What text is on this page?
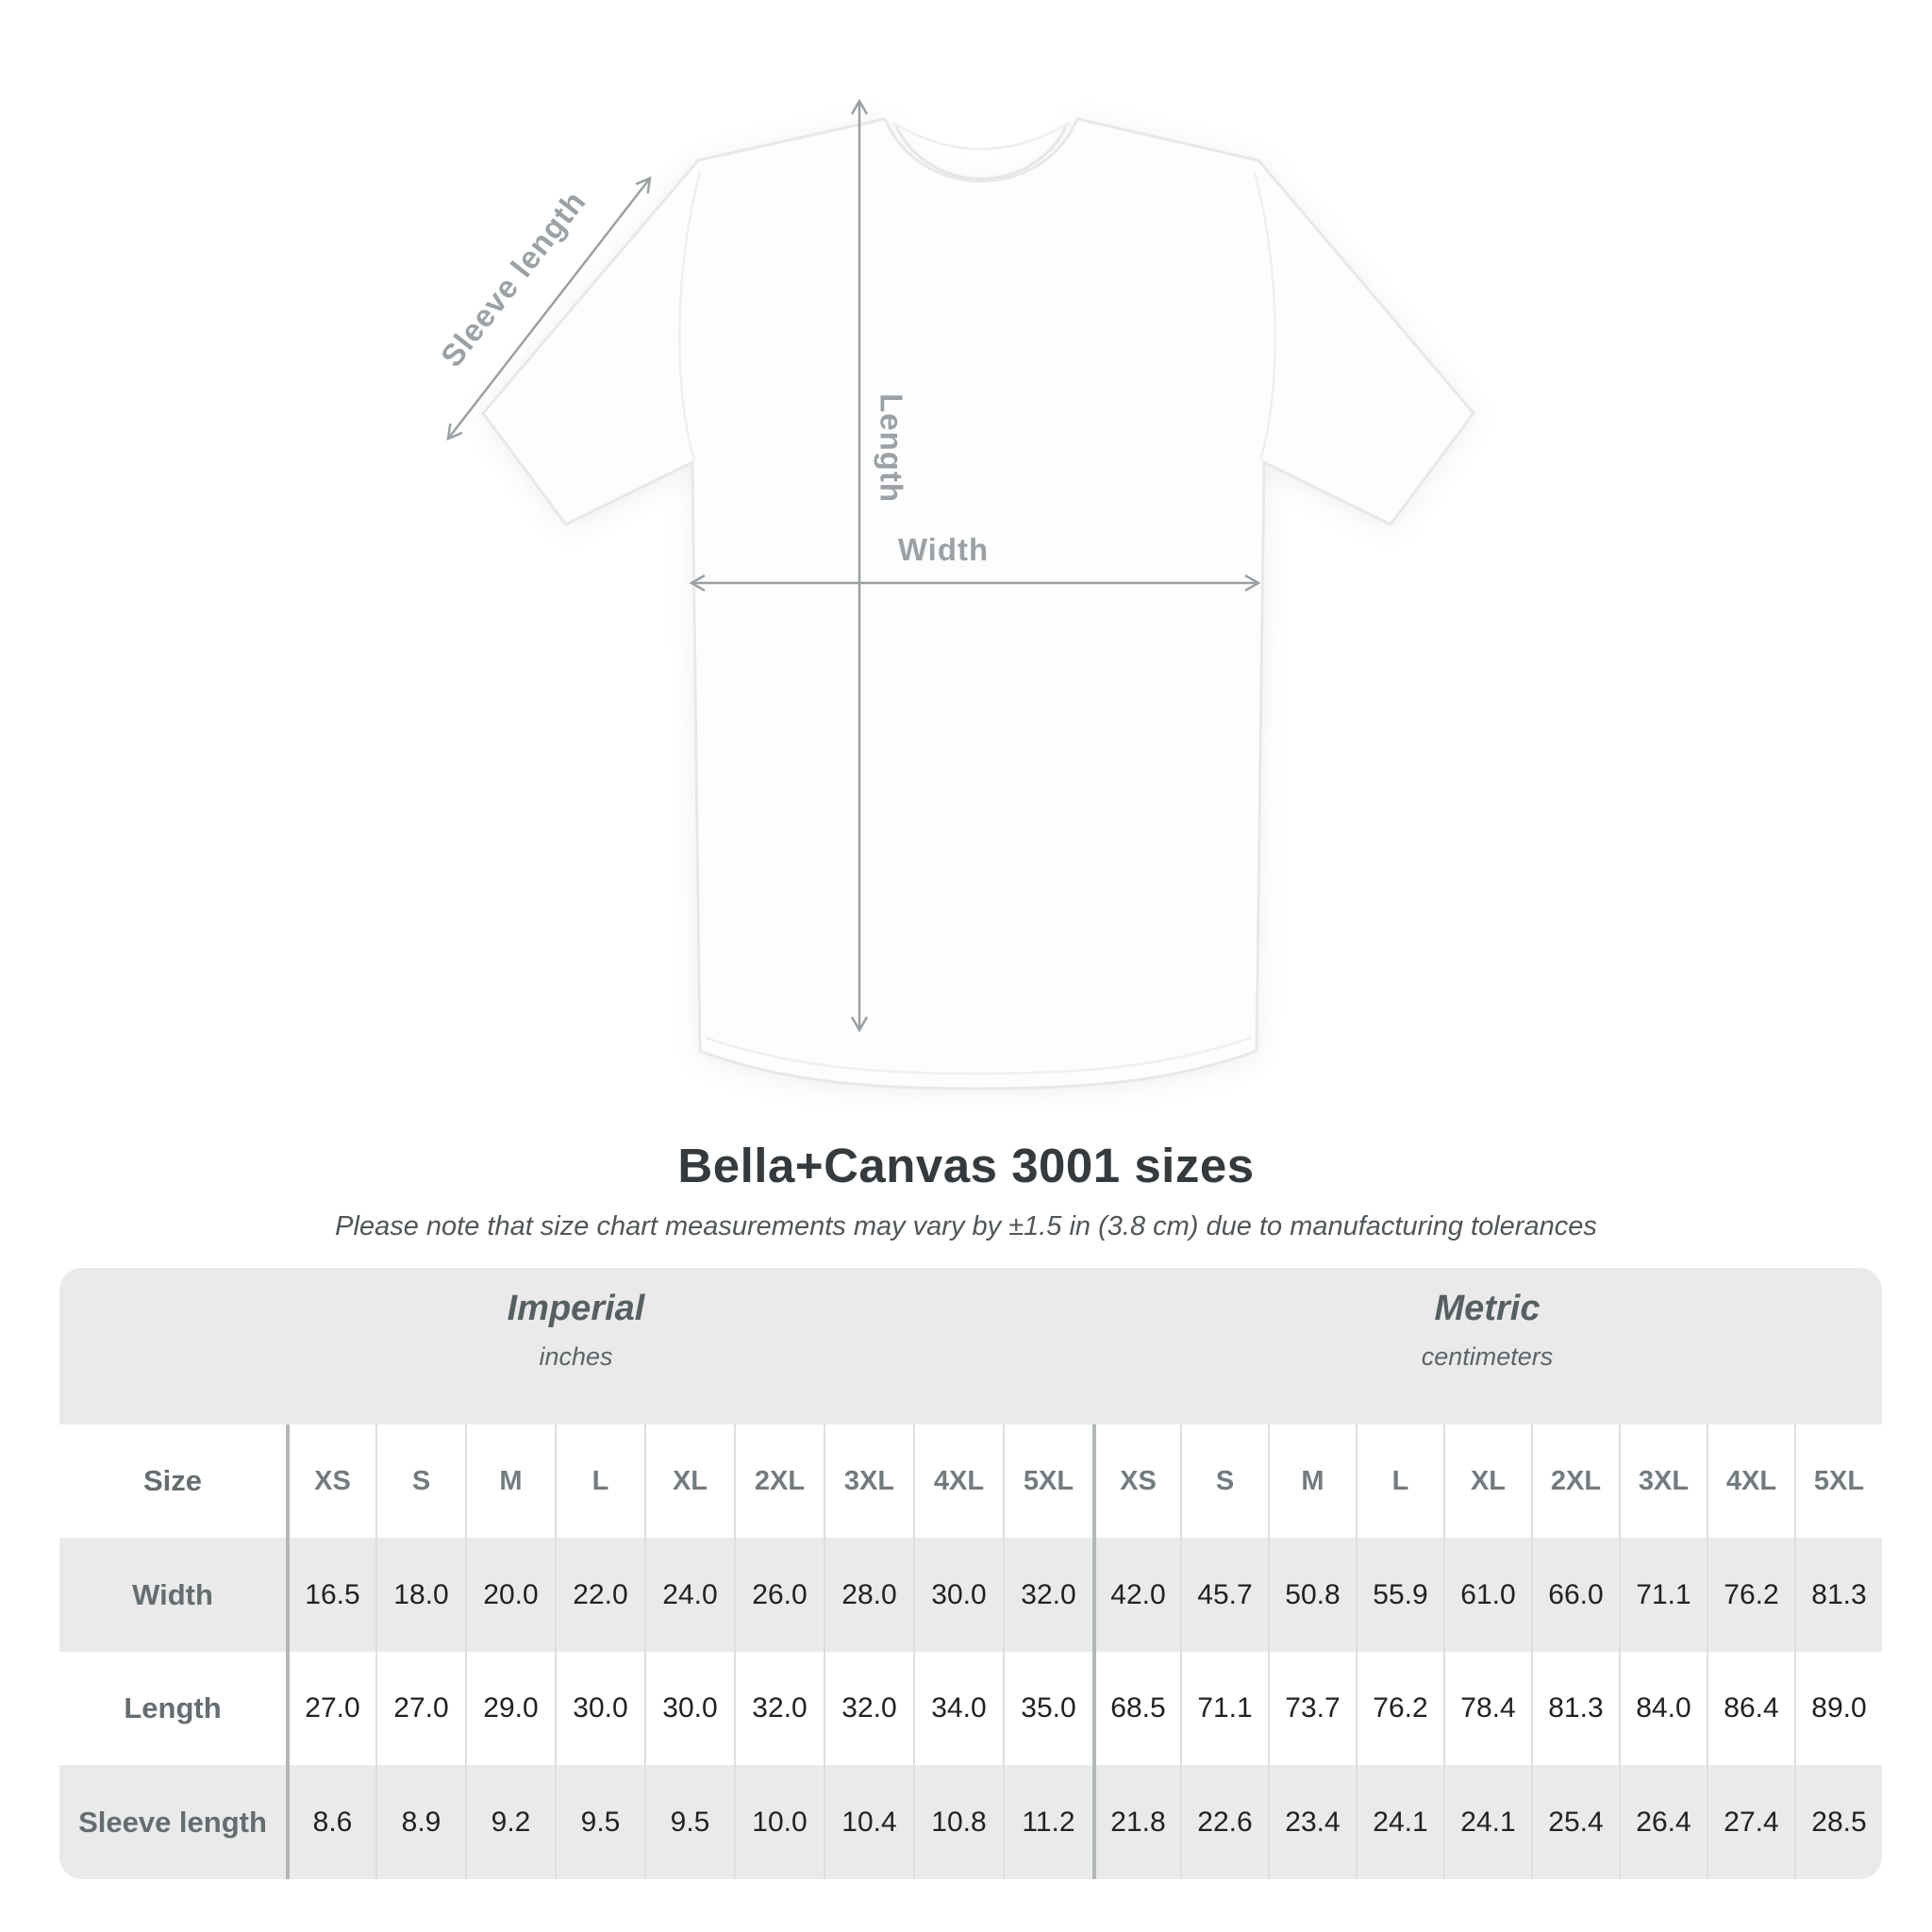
Length
Width
Sleeve length
Bella+Canvas 3001 sizes
Please note that size chart measurements may vary by ±1.5 in (3.8 cm) due to manufacturing tolerances
Imperial
inches
Metric
centimeters
Size	XS	S	M	L	XL	2XL	3XL	4XL	5XL	XS	S	M	L	XL	2XL	3XL	4XL	5XL
Width	16.5	18.0	20.0	22.0	24.0	26.0	28.0	30.0	32.0	42.0	45.7	50.8	55.9	61.0	66.0	71.1	76.2	81.3
Length	27.0	27.0	29.0	30.0	30.0	32.0	32.0	34.0	35.0	68.5	71.1	73.7	76.2	78.4	81.3	84.0	86.4	89.0
Sleeve length	8.6	8.9	9.2	9.5	9.5	10.0	10.4	10.8	11.2	21.8	22.6	23.4	24.1	24.1	25.4	26.4	27.4	28.5
